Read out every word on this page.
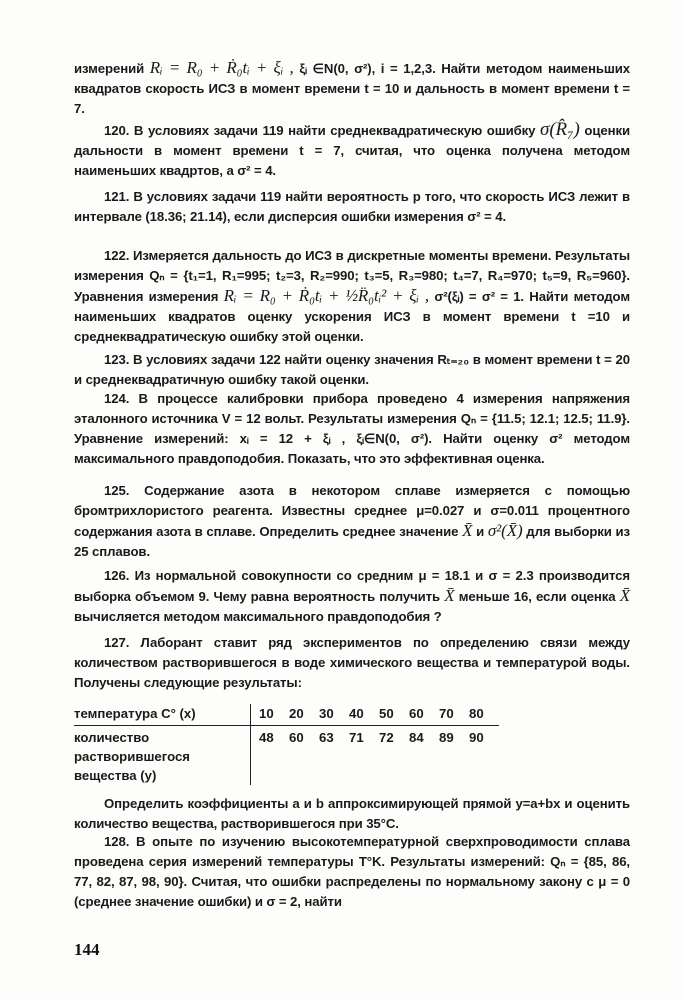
измерений Rᵢ = R₀ + Ṙ₀tᵢ + ξᵢ , ξᵢ ∈N(0, σ²), i = 1,2,3. Найти методом наименьших квадратов скорость ИСЗ в момент времени t = 10 и дальность в момент времени t = 7.
120. В условиях задачи 119 найти среднеквадратическую ошибку σ(R̂₇) оценки дальности в момент времени t = 7, считая, что оценка получена методом наименьших квадртов, а σ² = 4.
121. В условиях задачи 119 найти вероятность p того, что скорость ИСЗ лежит в интервале (18.36; 21.14), если дисперсия ошибки измерения σ² = 4.
122. Измеряется дальность до ИСЗ в дискретные моменты времени. Результаты измерения Qₙ = {t₁=1, R₁=995; t₂=3, R₂=990; t₃=5, R₃=980; t₄=7, R₄=970; t₅=9, R₅=960}. Уравнения измерения Rᵢ = R₀ + Ṙ₀tᵢ + ½R̈₀tᵢ² + ξᵢ , σ²(ξᵢ) = σ² = 1. Найти методом наименьших квадратов оценку ускорения ИСЗ в момент времени t =10 и среднеквадратическую ошибку этой оценки.
123. В условиях задачи 122 найти оценку значения Rₜ₌₂₀ в момент времени t = 20 и среднеквадратичную ошибку такой оценки.
124. В процессе калибровки прибора проведено 4 измерения напряжения эталонного источника V = 12 вольт. Результаты измерения Qₙ = {11.5; 12.1; 12.5; 11.9}. Уравнение измерений: xᵢ = 12 + ξᵢ , ξᵢ∈N(0, σ²). Найти оценку σ² методом максимального правдоподобия. Показать, что это эффективная оценка.
125. Содержание азота в некотором сплаве измеряется с помощью бромтрихлористого реагента. Известны среднее μ=0.027 и σ=0.011 процентного содержания азота в сплаве. Определить среднее значение X̄ и σ²(X̄) для выборки из 25 сплавов.
126. Из нормальной совокупности со средним μ = 18.1 и σ = 2.3 производится выборка объемом 9. Чему равна вероятность получить X̄ меньше 16, если оценка X̄ вычисляется методом максимального правдоподобия ?
127. Лаборант ставит ряд экспериментов по определению связи между количеством растворившегося в воде химического вещества и температурой воды. Получены следующие результаты:
температура C° (x)	10 20 30 40 50 60 70 80

количество
растворившегося
вещества (y)	48 60 63 71 72 84 89 90
Определить коэффициенты a и b аппроксимирующей прямой y=a+bx и оценить количество вещества, растворившегося при 35°C.
128. В опыте по изучению высокотемпературной сверхпроводимости сплава проведена серия измерений температуры T°K. Результаты измерений: Qₙ = {85, 86, 77, 82, 87, 98, 90}. Считая, что ошибки распределены по нормальному закону с μ = 0 (среднее значение ошибки) и σ = 2, найти
144
